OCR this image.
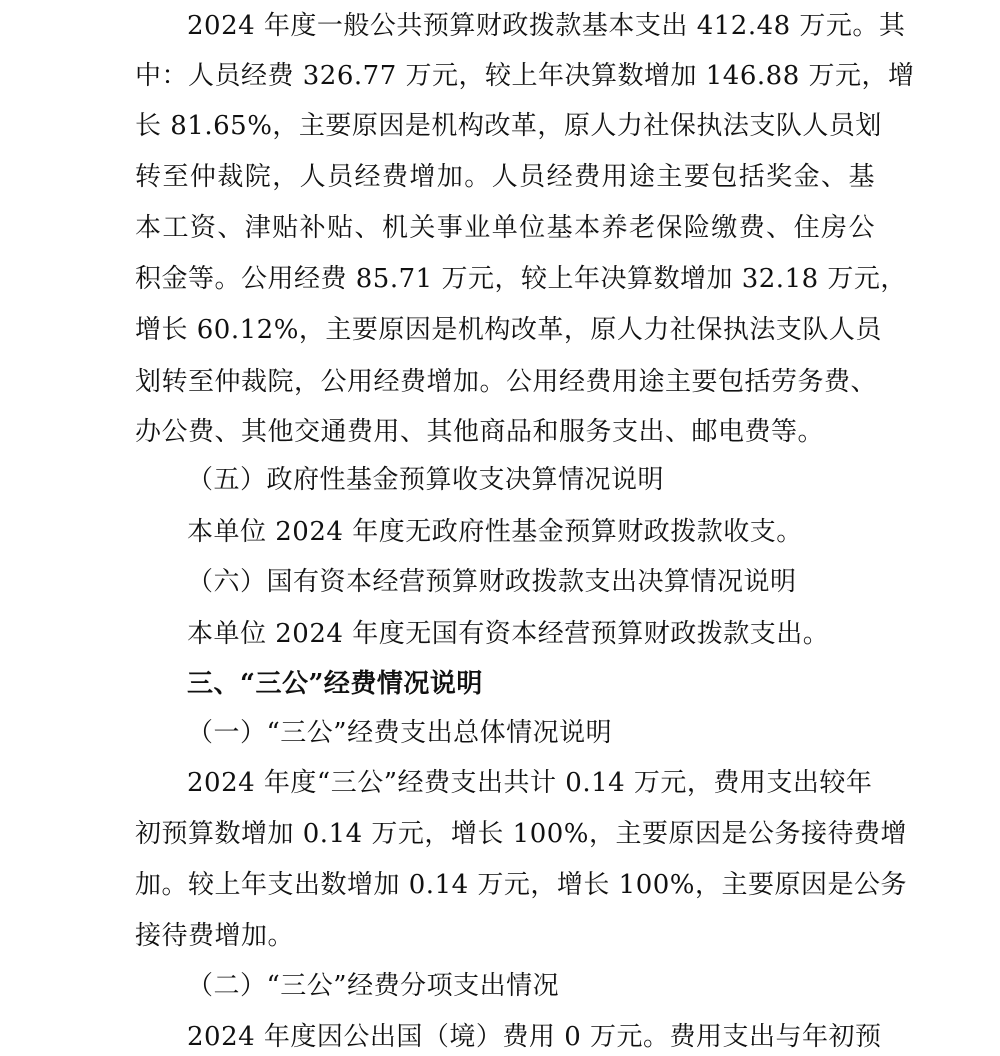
2024 年度一般公共预算财政拨款基本支出 412.48 万元。其
中：人员经费 326.77 万元，较上年决算数增加 146.88 万元，增
长 81.65%，主要原因是机构改革，原人力社保执法支队人员划
转至仲裁院，人员经费增加。人员经费用途主要包括奖金、基
本工资、津贴补贴、机关事业单位基本养老保险缴费、住房公
积金等。公用经费 85.71 万元，较上年决算数增加 32.18 万元，
增长 60.12%，主要原因是机构改革，原人力社保执法支队人员
划转至仲裁院，公用经费增加。公用经费用途主要包括劳务费、
办公费、其他交通费用、其他商品和服务支出、邮电费等。
（五）政府性基金预算收支决算情况说明
本单位 2024 年度无政府性基金预算财政拨款收支。
（六）国有资本经营预算财政拨款支出决算情况说明
本单位 2024 年度无国有资本经营预算财政拨款支出。
三、“三公”经费情况说明
（一）“三公”经费支出总体情况说明
2024 年度“三公”经费支出共计 0.14 万元，费用支出较年
初预算数增加 0.14 万元，增长 100%，主要原因是公务接待费增
加。较上年支出数增加 0.14 万元，增长 100%，主要原因是公务
接待费增加。
（二）“三公”经费分项支出情况
2024 年度因公出国（境）费用 0 万元。费用支出与年初预
